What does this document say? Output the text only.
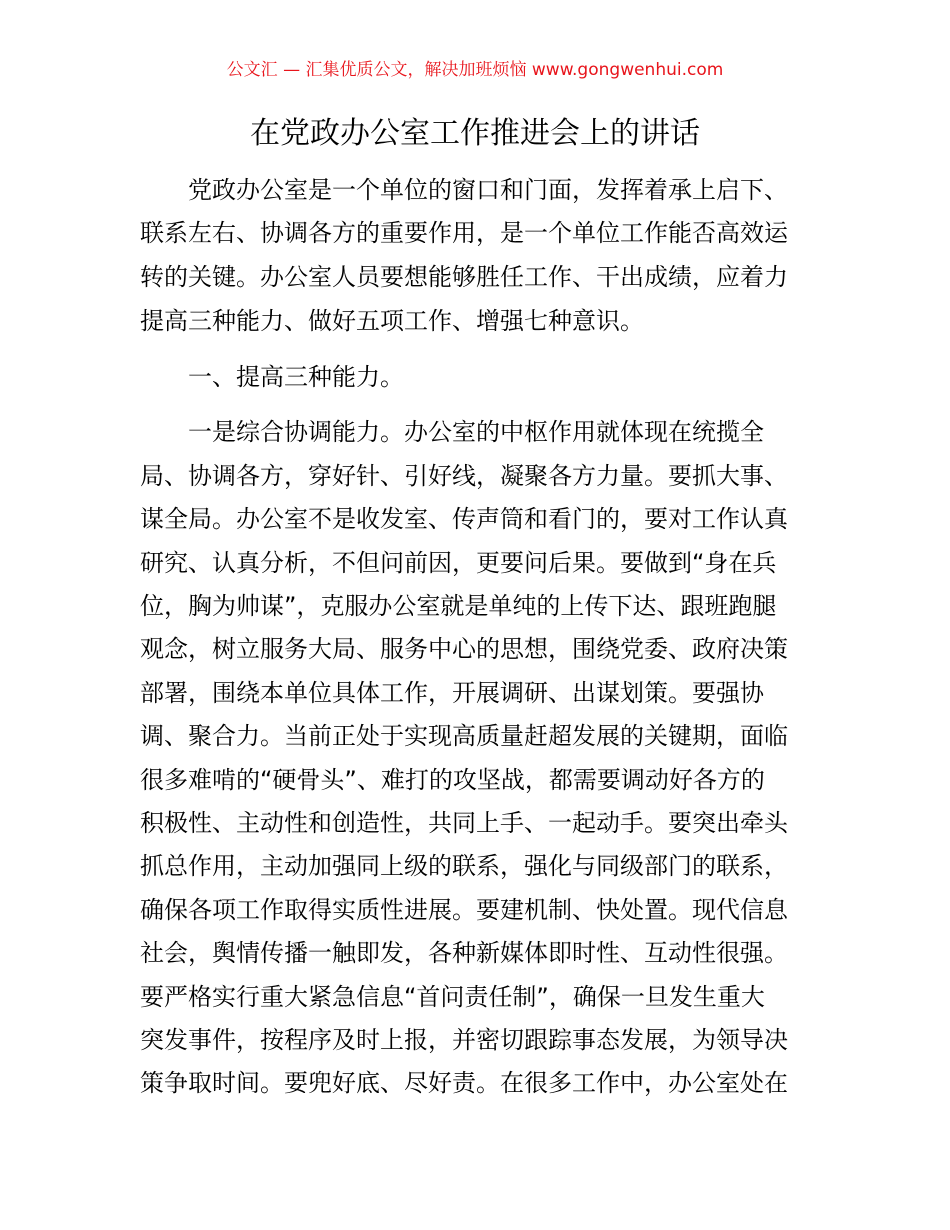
公文汇 — 汇集优质公文，解决加班烦恼 www.gongwenhui.com
在党政办公室工作推进会上的讲话
党政办公室是一个单位的窗口和门面，发挥着承上启下、
联系左右、协调各方的重要作用，是一个单位工作能否高效运
转的关键。办公室人员要想能够胜任工作、干出成绩，应着力
提高三种能力、做好五项工作、增强七种意识。
一、提高三种能力。
一是综合协调能力。办公室的中枢作用就体现在统揽全
局、协调各方，穿好针、引好线，凝聚各方力量。要抓大事、
谋全局。办公室不是收发室、传声筒和看门的，要对工作认真
研究、认真分析，不但问前因，更要问后果。要做到“身在兵
位，胸为帅谋”，克服办公室就是单纯的上传下达、跟班跑腿
观念，树立服务大局、服务中心的思想，围绕党委、政府决策
部署，围绕本单位具体工作，开展调研、出谋划策。要强协
调、聚合力。当前正处于实现高质量赶超发展的关键期，面临
很多难啃的“硬骨头”、难打的攻坚战，都需要调动好各方的
积极性、主动性和创造性，共同上手、一起动手。要突出牵头
抓总作用，主动加强同上级的联系，强化与同级部门的联系，
确保各项工作取得实质性进展。要建机制、快处置。现代信息
社会，舆情传播一触即发，各种新媒体即时性、互动性很强。
要严格实行重大紧急信息“首问责任制”，确保一旦发生重大
突发事件，按程序及时上报，并密切跟踪事态发展，为领导决
策争取时间。要兜好底、尽好责。在很多工作中，办公室处在
